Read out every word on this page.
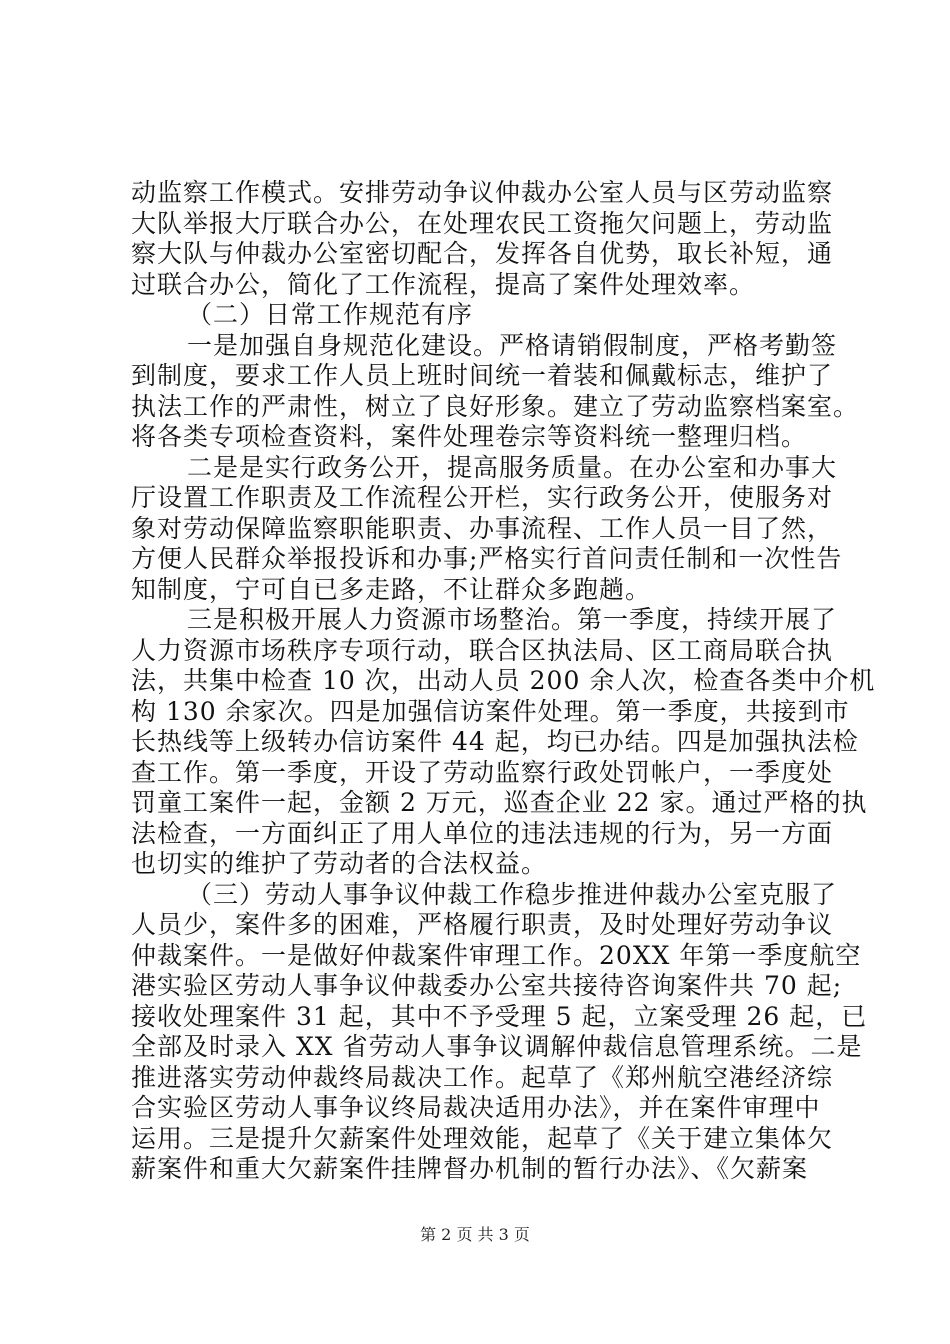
动监察工作模式。安排劳动争议仲裁办公室人员与区劳动监察
大队举报大厅联合办公，在处理农民工资拖欠问题上，劳动监
察大队与仲裁办公室密切配合，发挥各自优势，取长补短，通
过联合办公，简化了工作流程，提高了案件处理效率。
（二）日常工作规范有序
一是加强自身规范化建设。严格请销假制度，严格考勤签
到制度，要求工作人员上班时间统一着装和佩戴标志，维护了
执法工作的严肃性，树立了良好形象。建立了劳动监察档案室。
将各类专项检查资料，案件处理卷宗等资料统一整理归档。
二是是实行政务公开，提高服务质量。在办公室和办事大
厅设置工作职责及工作流程公开栏，实行政务公开，使服务对
象对劳动保障监察职能职责、办事流程、工作人员一目了然，
方便人民群众举报投诉和办事;严格实行首问责任制和一次性告
知制度，宁可自已多走路，不让群众多跑趟。
三是积极开展人力资源市场整治。第一季度，持续开展了
人力资源市场秩序专项行动，联合区执法局、区工商局联合执
法，共集中检查 10 次，出动人员 200 余人次，检查各类中介机
构 130 余家次。四是加强信访案件处理。第一季度，共接到市
长热线等上级转办信访案件 44 起，均已办结。四是加强执法检
查工作。第一季度，开设了劳动监察行政处罚帐户，一季度处
罚童工案件一起，金额 2 万元，巡查企业 22 家。通过严格的执
法检查，一方面纠正了用人单位的违法违规的行为，另一方面
也切实的维护了劳动者的合法权益。
（三）劳动人事争议仲裁工作稳步推进仲裁办公室克服了
人员少，案件多的困难，严格履行职责，及时处理好劳动争议
仲裁案件。一是做好仲裁案件审理工作。20XX 年第一季度航空
港实验区劳动人事争议仲裁委办公室共接待咨询案件共 70 起;
接收处理案件 31 起，其中不予受理 5 起，立案受理 26 起，已
全部及时录入 XX 省劳动人事争议调解仲裁信息管理系统。二是
推进落实劳动仲裁终局裁决工作。起草了《郑州航空港经济综
合实验区劳动人事争议终局裁决适用办法》，并在案件审理中
运用。三是提升欠薪案件处理效能，起草了《关于建立集体欠
薪案件和重大欠薪案件挂牌督办机制的暂行办法》、《欠薪案
第 2 页 共 3 页
